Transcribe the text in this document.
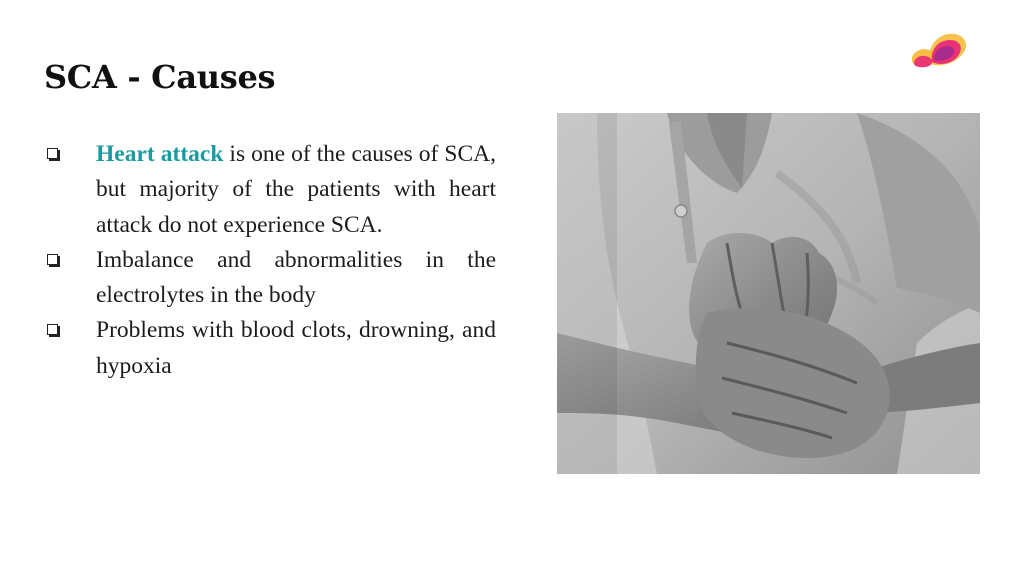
SCA - Causes
Heart attack is one of the causes of SCA, but majority of the patients with heart attack do not experience SCA.
Imbalance and abnormalities in the electrolytes in the body
Problems with blood clots, drowning, and hypoxia
